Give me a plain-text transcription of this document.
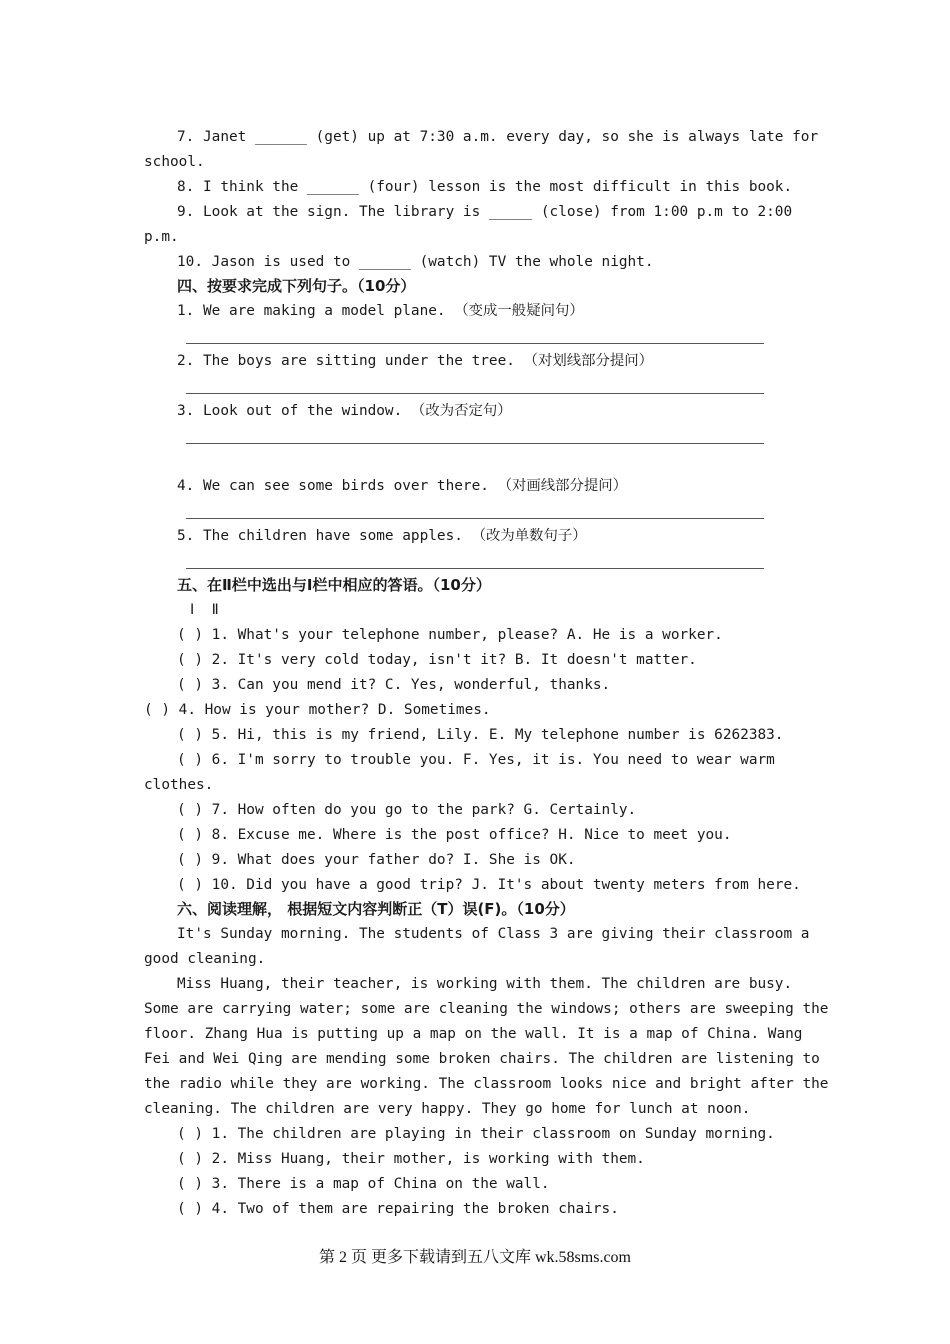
7. Janet ______ (get) up at 7:30 a.m. every day, so she is always late for
school.
8. I think the ______ (four) lesson is the most difficult in this book.
9. Look at the sign. The library is _____ (close) from 1:00 p.m to 2:00
p.m.
10. Jason is used to ______ (watch) TV the whole night.
四、按要求完成下列句子。（10分）
1. We are making a model plane. （变成一般疑问句）
2. The boys are sitting under the tree. （对划线部分提问）
3. Look out of the window. （改为否定句）
4. We can see some birds over there. （对画线部分提问）
5. The children have some apples. （改为单数句子）
五、在Ⅱ栏中选出与Ⅰ栏中相应的答语。（10分）
Ⅰ  Ⅱ
( ) 1. What's your telephone number, please? A. He is a worker.
( ) 2. It's very cold today, isn't it? B. It doesn't matter.
( ) 3. Can you mend it? C. Yes, wonderful, thanks.
( ) 4. How is your mother? D. Sometimes.
( ) 5. Hi, this is my friend, Lily. E. My telephone number is 6262383.
( ) 6. I'm sorry to trouble you. F. Yes, it is. You need to wear warm
clothes.
( ) 7. How often do you go to the park? G. Certainly.
( ) 8. Excuse me. Where is the post office? H. Nice to meet you.
( ) 9. What does your father do? I. She is OK.
( ) 10. Did you have a good trip? J. It's about twenty meters from here.
六、阅读理解， 根据短文内容判断正（T）误(F)。（10分）
It's Sunday morning. The students of Class 3 are giving their classroom a
good cleaning.
Miss Huang, their teacher, is working with them. The children are busy.
Some are carrying water; some are cleaning the windows; others are sweeping the
floor. Zhang Hua is putting up a map on the wall. It is a map of China. Wang
Fei and Wei Qing are mending some broken chairs. The children are listening to
the radio while they are working. The classroom looks nice and bright after the
cleaning. The children are very happy. They go home for lunch at noon.
( ) 1. The children are playing in their classroom on Sunday morning.
( ) 2. Miss Huang, their mother, is working with them.
( ) 3. There is a map of China on the wall.
( ) 4. Two of them are repairing the broken chairs.
第 2 页 更多下载请到五八文库 wk.58sms.com
